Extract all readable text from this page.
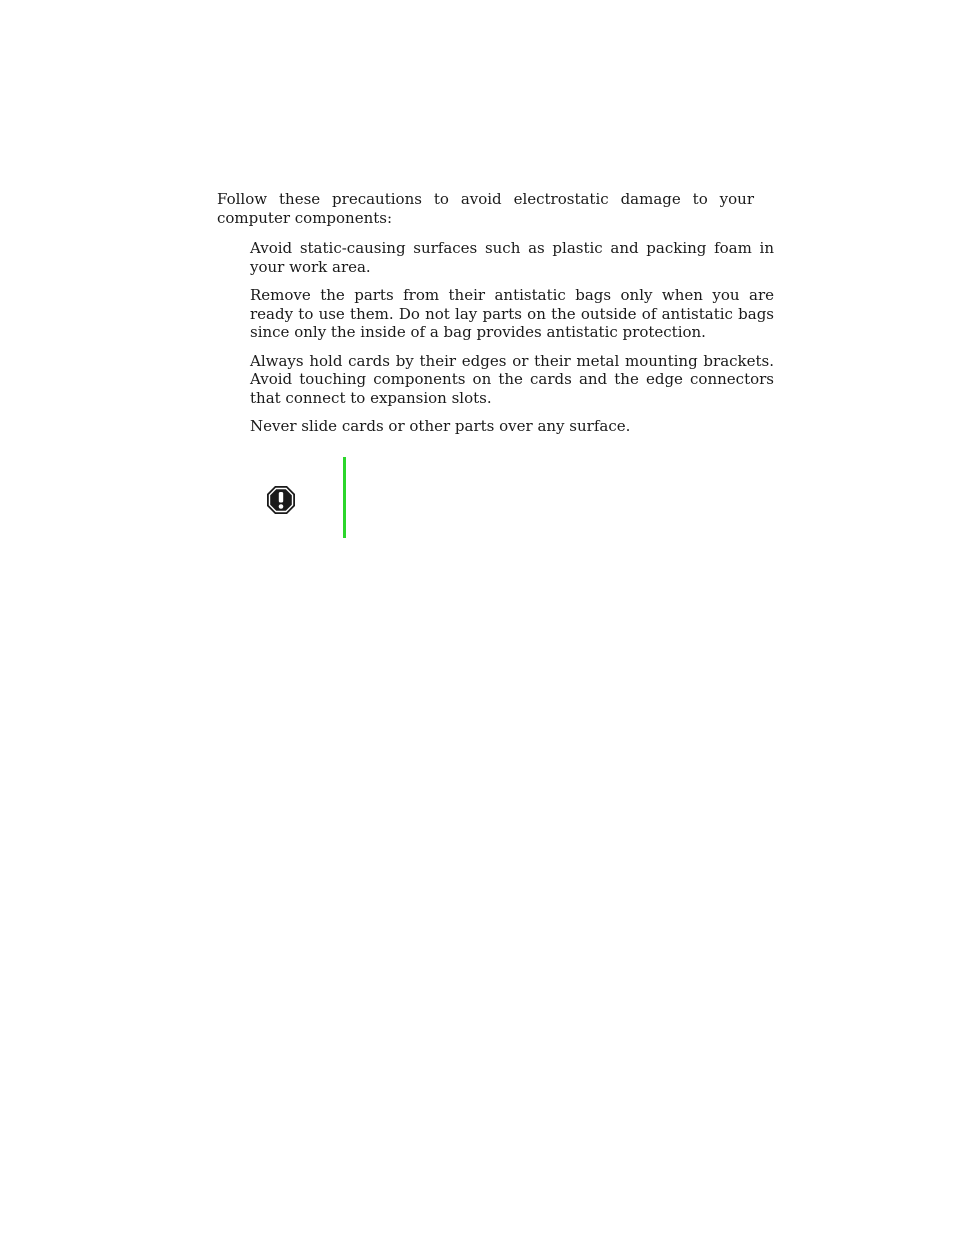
Follow these precautions to avoid electrostatic damage to your computer components:

Avoid static-causing surfaces such as plastic and packing foam in your work area.
Remove the parts from their antistatic bags only when you are ready to use them. Do not lay parts on the outside of antistatic bags since only the inside of a bag provides antistatic protection.
Always hold cards by their edges or their metal mounting brackets. Avoid touching components on the cards and the edge connectors that connect to expansion slots.
Never slide cards or other parts over any surface.
